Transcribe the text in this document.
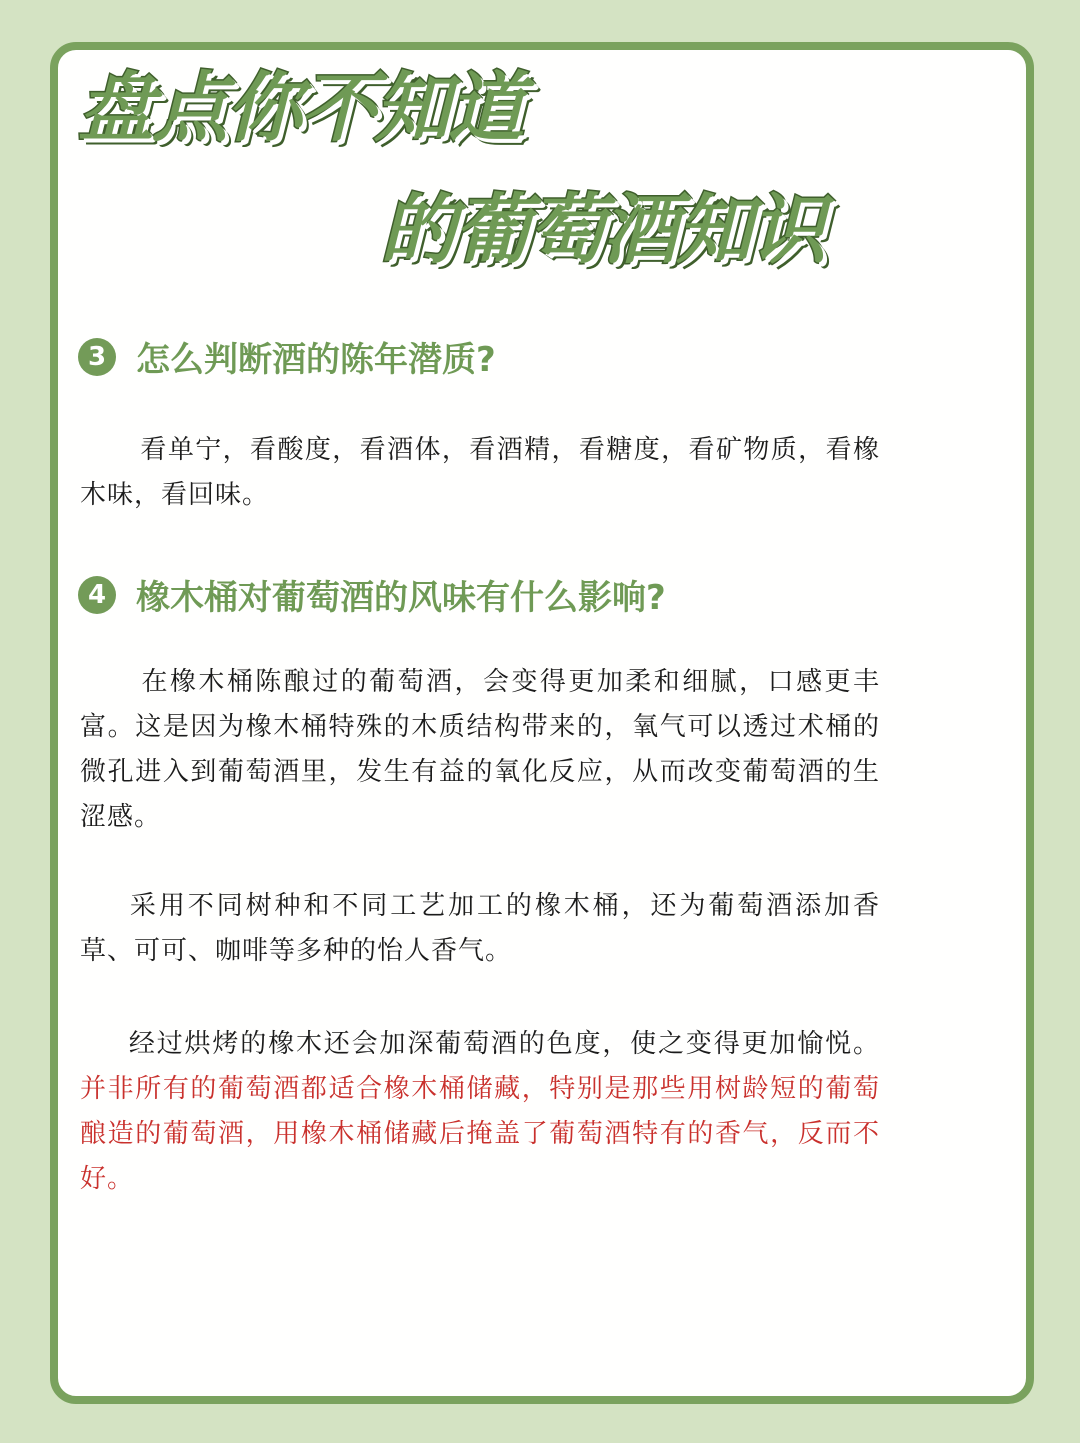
盘点你不知道
的葡萄酒知识
3 怎么判断酒的陈年潜质?
看单宁，看酸度，看酒体，看酒精，看糖度，看矿物质，看橡木味，看回味。
4 橡木桶对葡萄酒的风味有什么影响?
在橡木桶陈酿过的葡萄酒，会变得更加柔和细腻，口感更丰富。这是因为橡木桶特殊的木质结构带来的，氧气可以透过术桶的微孔进入到葡萄酒里，发生有益的氧化反应，从而改变葡萄酒的生涩感。
采用不同树种和不同工艺加工的橡木桶，还为葡萄酒添加香草、可可、咖啡等多种的怡人香气。
经过烘烤的橡木还会加深葡萄酒的色度，使之变得更加愉悦。并非所有的葡萄酒都适合橡木桶储藏，特别是那些用树龄短的葡萄酿造的葡萄酒，用橡木桶储藏后掩盖了葡萄酒特有的香气，反而不好。
